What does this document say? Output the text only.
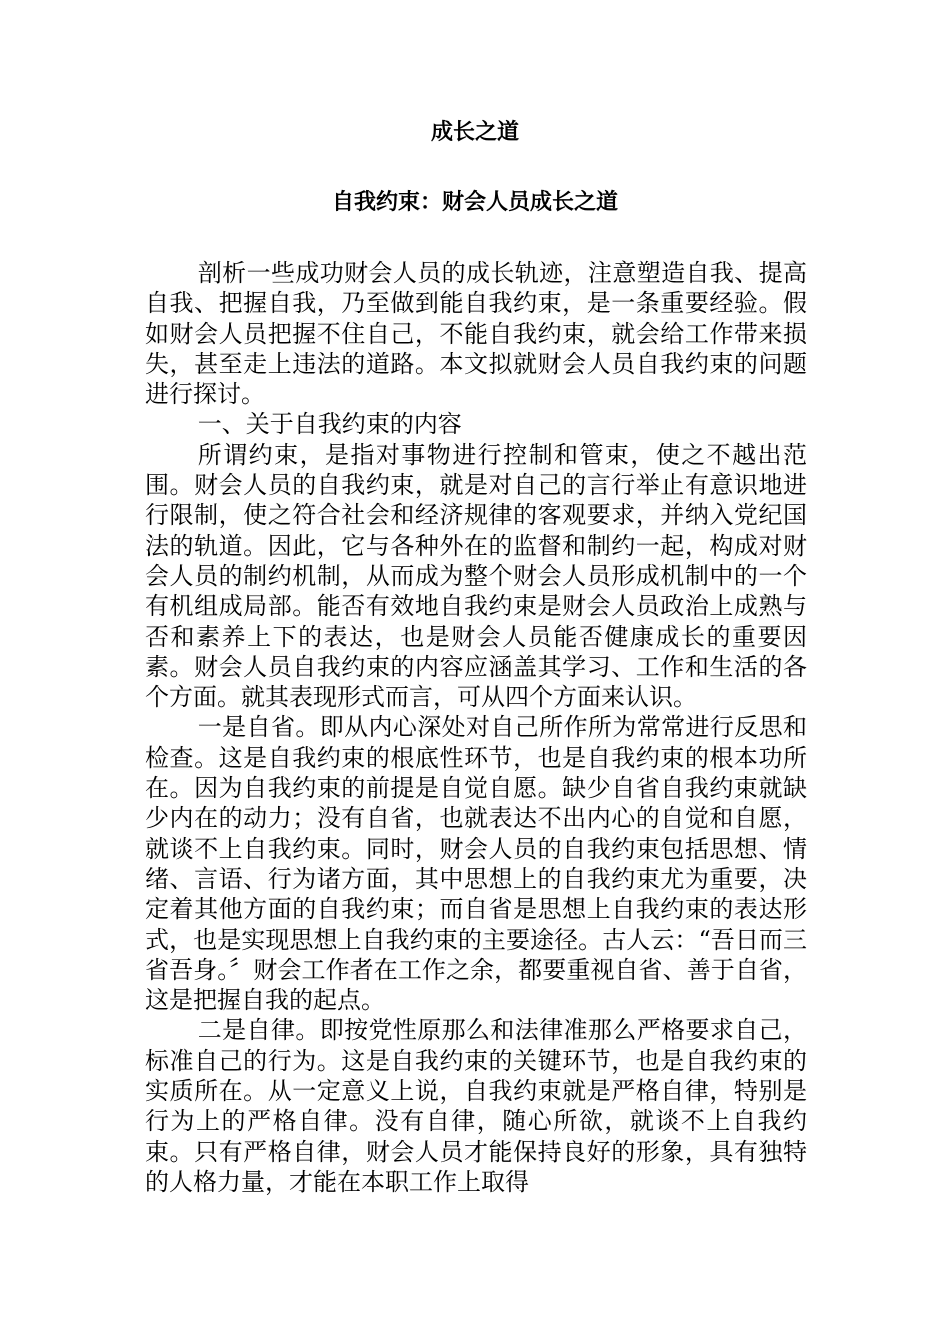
成长之道
自我约束：财会人员成长之道

剖析一些成功财会人员的成长轨迹，注意塑造自我、提高自我、把握自我，乃至做到能自我约束，是一条重要经验。假如财会人员把握不住自己，不能自我约束，就会给工作带来损失，甚至走上违法的道路。本文拟就财会人员自我约束的问题进行探讨。

一、关于自我约束的内容

所谓约束，是指对事物进行控制和管束，使之不越出范围。财会人员的自我约束，就是对自己的言行举止有意识地进行限制，使之符合社会和经济规律的客观要求，并纳入党纪国法的轨道。因此，它与各种外在的监督和制约一起，构成对财会人员的制约机制，从而成为整个财会人员形成机制中的一个有机组成局部。能否有效地自我约束是财会人员政治上成熟与否和素养上下的表达，也是财会人员能否健康成长的重要因素。财会人员自我约束的内容应涵盖其学习、工作和生活的各个方面。就其表现形式而言，可从四个方面来认识。

一是自省。即从内心深处对自己所作所为常常进行反思和检查。这是自我约束的根底性环节，也是自我约束的根本功所在。因为自我约束的前提是自觉自愿。缺少自省自我约束就缺少内在的动力；没有自省，也就表达不出内心的自觉和自愿，就谈不上自我约束。同时，财会人员的自我约束包括思想、情绪、言语、行为诸方面，其中思想上的自我约束尤为重要，决定着其他方面的自我约束；而自省是思想上自我约束的表达形式，也是实现思想上自我约束的主要途径。古人云：“吾日而三省吾身。〞财会工作者在工作之余，都要重视自省、善于自省，这是把握自我的起点。

二是自律。即按党性原那么和法律准那么严格要求自己，标准自己的行为。这是自我约束的关键环节，也是自我约束的实质所在。从一定意义上说，自我约束就是严格自律，特别是行为上的严格自律。没有自律，随心所欲，就谈不上自我约束。只有严格自律，财会人员才能保持良好的形象，具有独特的人格力量，才能在本职工作上取得
